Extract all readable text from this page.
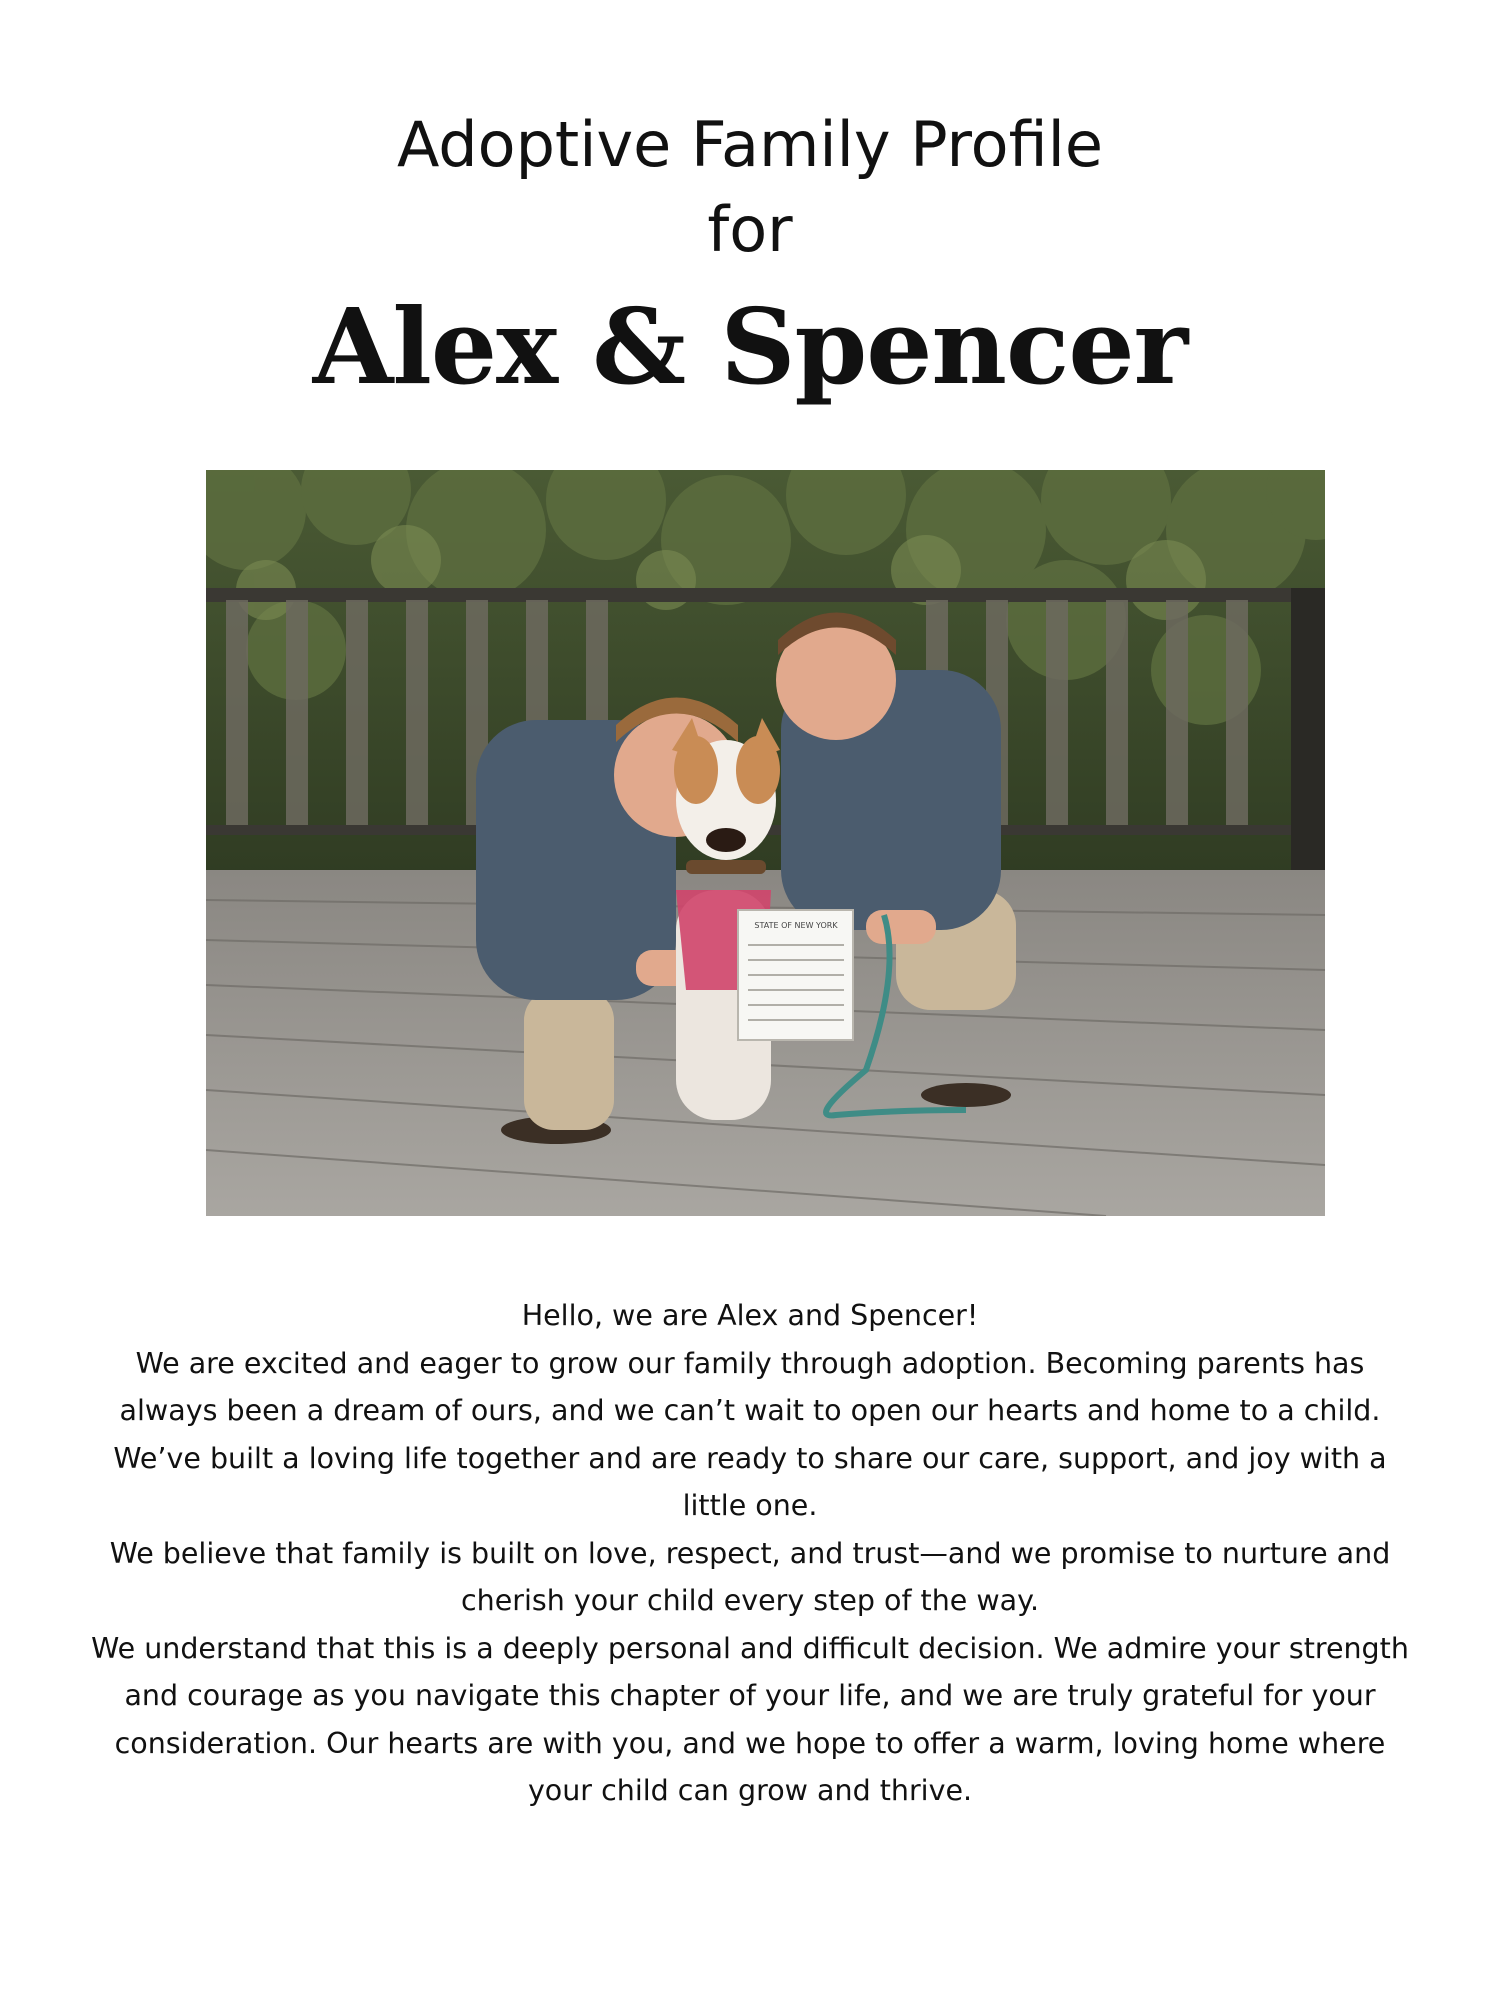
Adoptive Family Profile
for
Alex & Spencer
STATE OF NEW YORK

Hello, we are Alex and Spencer!

We are excited and eager to grow our family through adoption. Becoming parents has always been a dream of ours, and we can’t wait to open our hearts and home to a child. We’ve built a loving life together and are ready to share our care, support, and joy with a little one.

We believe that family is built on love, respect, and trust—and we promise to nurture and cherish your child every step of the way.

We understand that this is a deeply personal and difficult decision. We admire your strength and courage as you navigate this chapter of your life, and we are truly grateful for your consideration. Our hearts are with you, and we hope to offer a warm, loving home where your child can grow and thrive.
